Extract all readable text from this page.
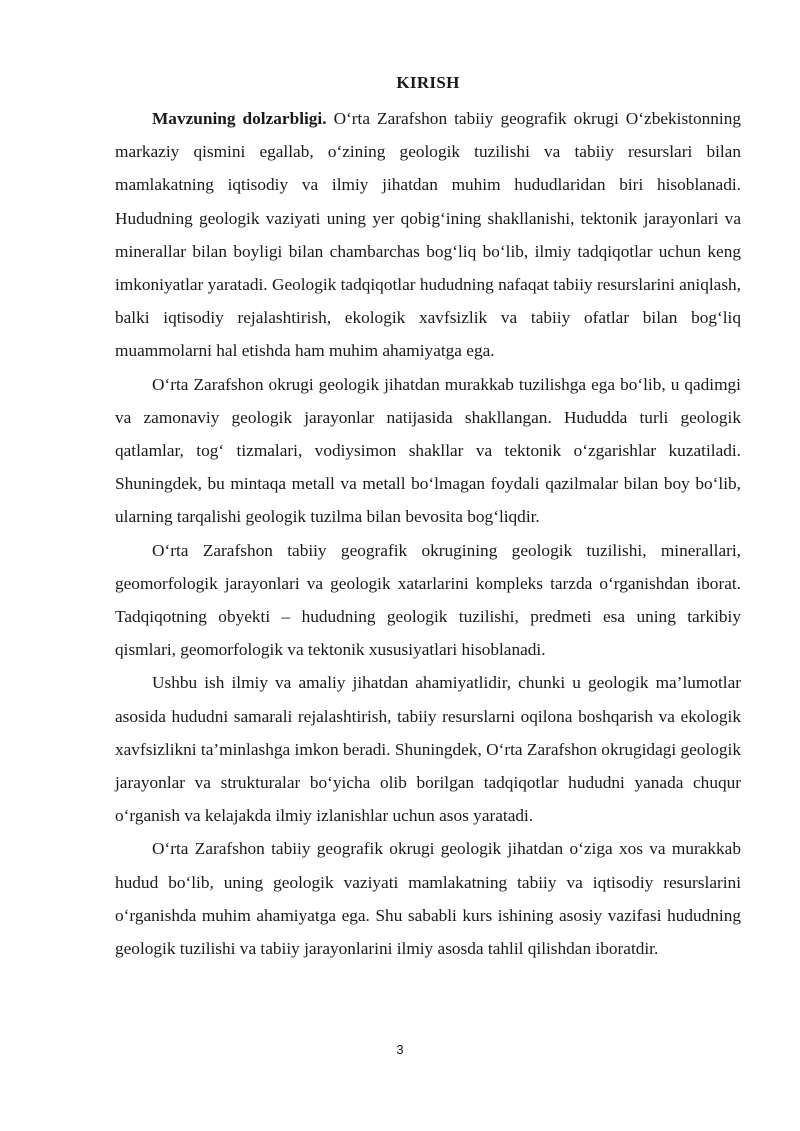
KIRISH

Mavzuning dolzarbligi. O‘rta Zarafshon tabiiy geografik okrugi O‘zbekistonning markaziy qismini egallab, o‘zining geologik tuzilishi va tabiiy resurslari bilan mamlakatning iqtisodiy va ilmiy jihatdan muhim hududlaridan biri hisoblanadi. Hududning geologik vaziyati uning yer qobig‘ining shakllanishi, tektonik jarayonlari va minerallar bilan boyligi bilan chambarchas bog‘liq bo‘lib, ilmiy tadqiqotlar uchun keng imkoniyatlar yaratadi. Geologik tadqiqotlar hududning nafaqat tabiiy resurslarini aniqlash, balki iqtisodiy rejalashtirish, ekologik xavfsizlik va tabiiy ofatlar bilan bog‘liq muammolarni hal etishda ham muhim ahamiyatga ega.

O‘rta Zarafshon okrugi geologik jihatdan murakkab tuzilishga ega bo‘lib, u qadimgi va zamonaviy geologik jarayonlar natijasida shakllangan. Hududda turli geologik qatlamlar, tog‘ tizmalari, vodiysimon shakllar va tektonik o‘zgarishlar kuzatiladi. Shuningdek, bu mintaqa metall va metall bo‘lmagan foydali qazilmalar bilan boy bo‘lib, ularning tarqalishi geologik tuzilma bilan bevosita bog‘liqdir.

O‘rta Zarafshon tabiiy geografik okrugining geologik tuzilishi, minerallari, geomorfologik jarayonlari va geologik xatarlarini kompleks tarzda o‘rganishdan iborat. Tadqiqotning obyekti – hududning geologik tuzilishi, predmeti esa uning tarkibiy qismlari, geomorfologik va tektonik xususiyatlari hisoblanadi.

Ushbu ish ilmiy va amaliy jihatdan ahamiyatlidir, chunki u geologik ma’lumotlar asosida hududni samarali rejalashtirish, tabiiy resurslarni oqilona boshqarish va ekologik xavfsizlikni ta’minlashga imkon beradi. Shuningdek, O‘rta Zarafshon okrugidagi geologik jarayonlar va strukturalar bo‘yicha olib borilgan tadqiqotlar hududni yanada chuqur o‘rganish va kelajakda ilmiy izlanishlar uchun asos yaratadi.

O‘rta Zarafshon tabiiy geografik okrugi geologik jihatdan o‘ziga xos va murakkab hudud bo‘lib, uning geologik vaziyati mamlakatning tabiiy va iqtisodiy resurslarini o‘rganishda muhim ahamiyatga ega. Shu sababli kurs ishining asosiy vazifasi hududning geologik tuzilishi va tabiiy jarayonlarini ilmiy asosda tahlil qilishdan iboratdir.

3
